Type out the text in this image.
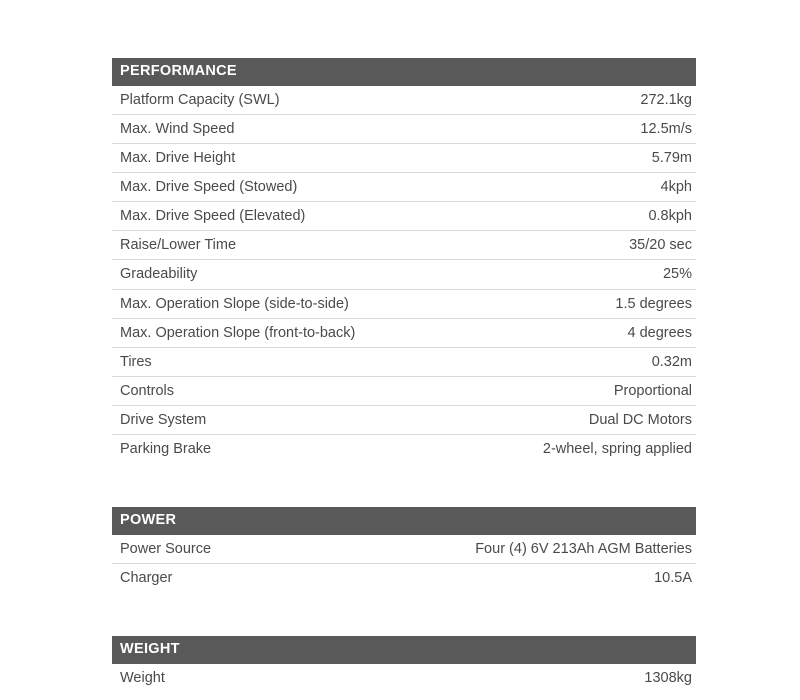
PERFORMANCE
Platform Capacity (SWL)	272.1kg
Max. Wind Speed	12.5m/s
Max. Drive Height	5.79m
Max. Drive Speed (Stowed)	4kph
Max. Drive Speed (Elevated)	0.8kph
Raise/Lower Time	35/20 sec
Gradeability	25%
Max. Operation Slope (side-to-side)	1.5 degrees
Max. Operation Slope (front-to-back)	4 degrees
Tires	0.32m
Controls	Proportional
Drive System	Dual DC Motors
Parking Brake	2-wheel, spring applied
POWER
Power Source	Four (4) 6V 213Ah AGM Batteries
Charger	10.5A
WEIGHT
Weight	1308kg
